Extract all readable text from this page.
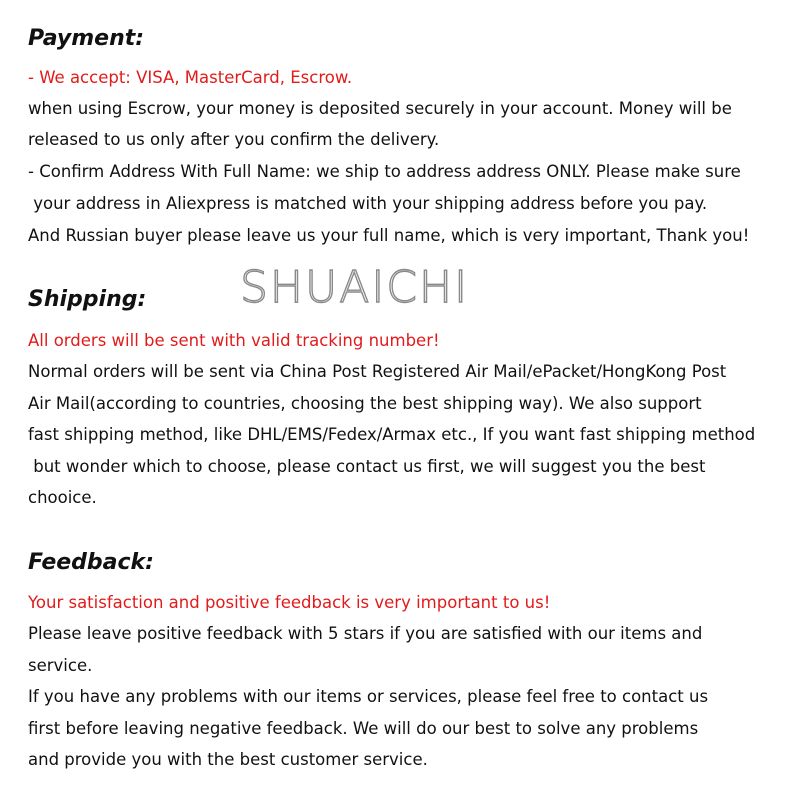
Payment:

- We accept: VISA, MasterCard, Escrow.

when using Escrow, your money is deposited securely in your account. Money will be

released to us only after you confirm the delivery.

- Confirm Address With Full Name: we ship to address address ONLY. Please make sure

your address in Aliexpress is matched with your shipping address before you pay.

And Russian buyer please leave us your full name, which is very important, Thank you!

SHUAICHI
Shipping:

All orders will be sent with valid tracking number!

Normal orders will be sent via China Post Registered Air Mail/ePacket/HongKong Post

Air Mail(according to countries, choosing the best shipping way). We also support

fast shipping method, like DHL/EMS/Fedex/Armax etc., If you want fast shipping method

but wonder which to choose, please contact us first, we will suggest you the best

chooice.

Feedback:

Your satisfaction and positive feedback is very important to us!

Please leave positive feedback with 5 stars if you are satisfied with our items and

service.

If you have any problems with our items or services, please feel free to contact us

first before leaving negative feedback. We will do our best to solve any problems

and provide you with the best customer service.
